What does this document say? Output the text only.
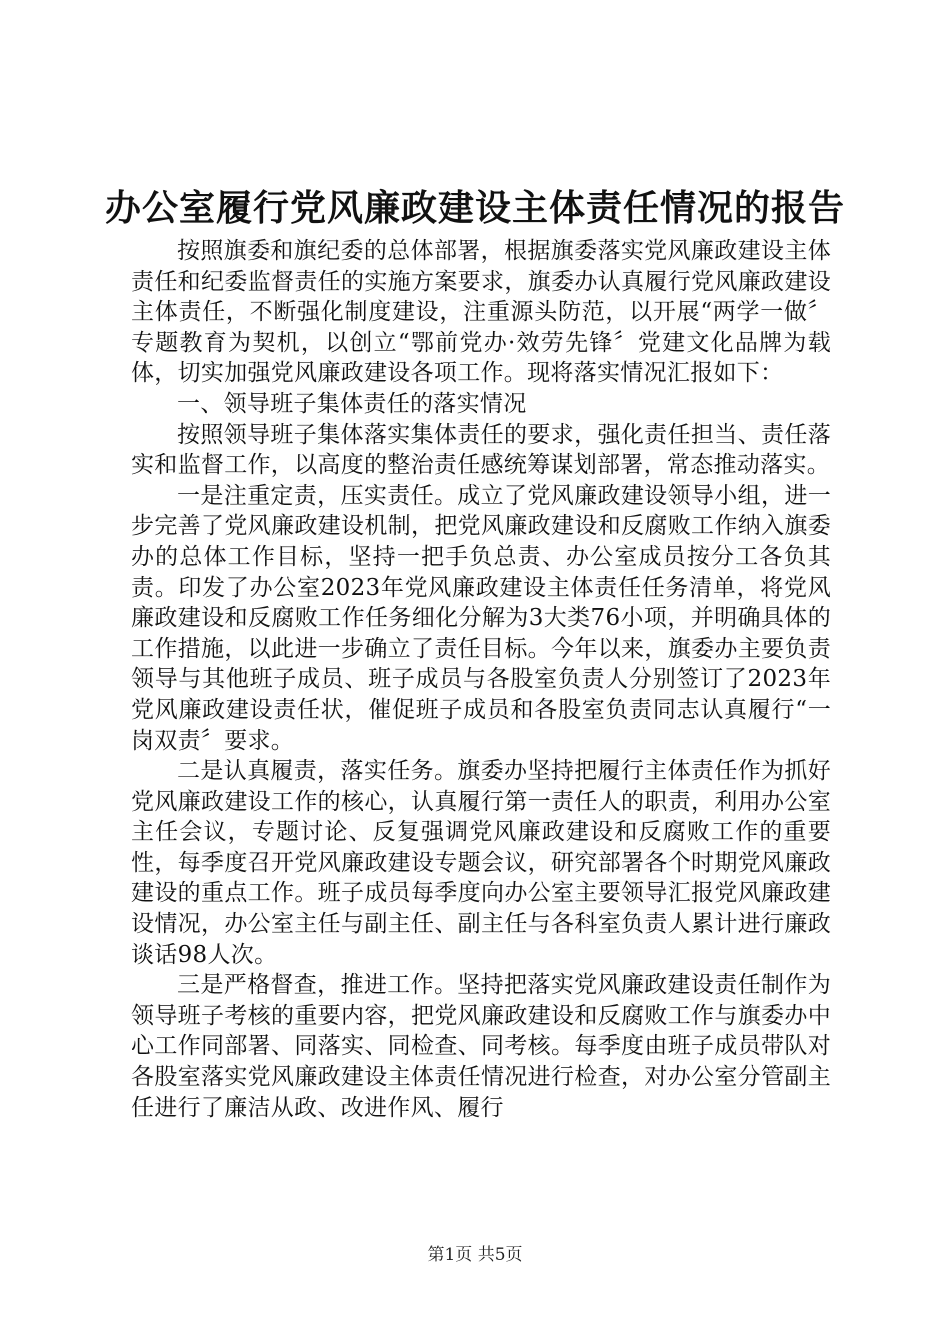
办公室履行党风廉政建设主体责任情况的报告

按照旗委和旗纪委的总体部署，根据旗委落实党风廉政建设主体责任和纪委监督责任的实施方案要求，旗委办认真履行党风廉政建设主体责任，不断强化制度建设，注重源头防范，以开展“两学一做〞专题教育为契机，以创立“鄂前党办·效劳先锋〞党建文化品牌为载体，切实加强党风廉政建设各项工作。现将落实情况汇报如下：

一、领导班子集体责任的落实情况

按照领导班子集体落实集体责任的要求，强化责任担当、责任落实和监督工作，以高度的整治责任感统筹谋划部署，常态推动落实。

一是注重定责，压实责任。成立了党风廉政建设领导小组，进一步完善了党风廉政建设机制，把党风廉政建设和反腐败工作纳入旗委办的总体工作目标，坚持一把手负总责、办公室成员按分工各负其责。印发了办公室2023年党风廉政建设主体责任任务清单，将党风廉政建设和反腐败工作任务细化分解为3大类76小项，并明确具体的工作措施，以此进一步确立了责任目标。今年以来，旗委办主要负责领导与其他班子成员、班子成员与各股室负责人分别签订了2023年党风廉政建设责任状，催促班子成员和各股室负责同志认真履行“一岗双责〞要求。

二是认真履责，落实任务。旗委办坚持把履行主体责任作为抓好党风廉政建设工作的核心，认真履行第一责任人的职责，利用办公室主任会议，专题讨论、反复强调党风廉政建设和反腐败工作的重要性，每季度召开党风廉政建设专题会议，研究部署各个时期党风廉政建设的重点工作。班子成员每季度向办公室主要领导汇报党风廉政建设情况，办公室主任与副主任、副主任与各科室负责人累计进行廉政谈话98人次。

三是严格督查，推进工作。坚持把落实党风廉政建设责任制作为领导班子考核的重要内容，把党风廉政建设和反腐败工作与旗委办中心工作同部署、同落实、同检查、同考核。每季度由班子成员带队对各股室落实党风廉政建设主体责任情况进行检查，对办公室分管副主任进行了廉洁从政、改进作风、履行

第1页 共5页
